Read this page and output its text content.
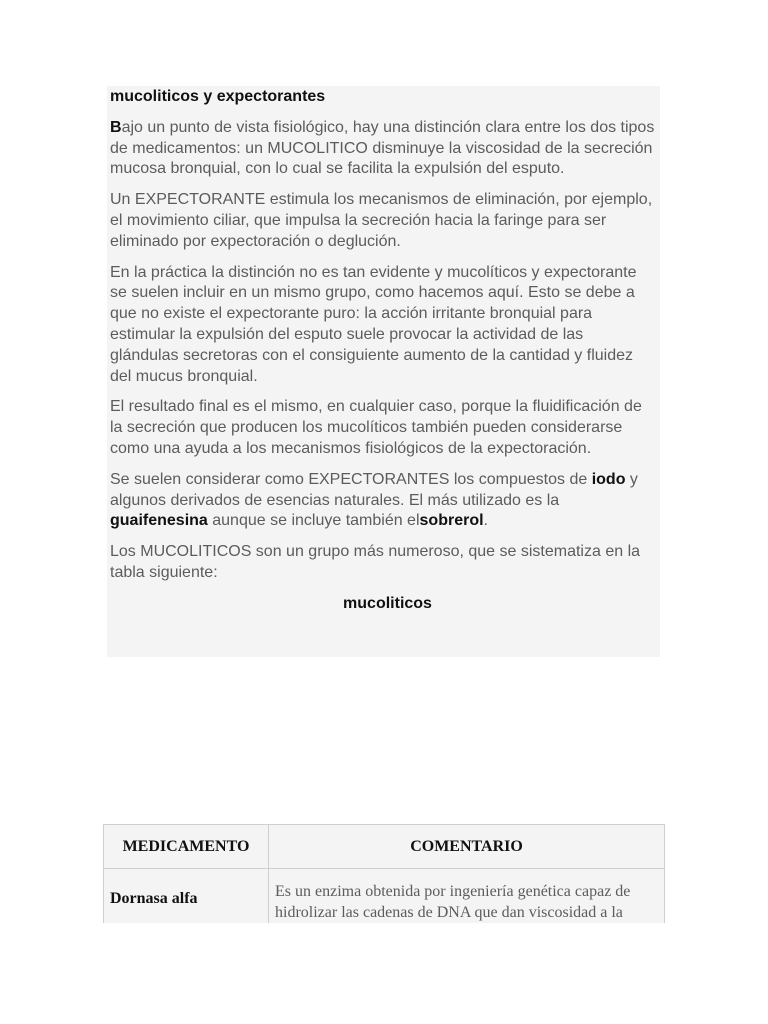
mucoliticos y expectorantes

Bajo un punto de vista fisiológico, hay una distinción clara entre los dos tipos de medicamentos: un MUCOLITICO disminuye la viscosidad de la secreción mucosa bronquial, con lo cual se facilita la expulsión del esputo.

Un EXPECTORANTE estimula los mecanismos de eliminación, por ejemplo, el movimiento ciliar, que impulsa la secreción hacia la faringe para ser eliminado por expectoración o deglución.

En la práctica la distinción no es tan evidente y mucolíticos y expectorante se suelen incluir en un mismo grupo, como hacemos aquí. Esto se debe a que no existe el expectorante puro: la acción irritante bronquial para estimular la expulsión del esputo suele provocar la actividad de las glándulas secretoras con el consiguiente aumento de la cantidad y fluidez del mucus bronquial.

El resultado final es el mismo, en cualquier caso, porque la fluidificación de la secreción que producen los mucolíticos también pueden considerarse como una ayuda a los mecanismos fisiológicos de la expectoración.

Se suelen considerar como EXPECTORANTES los compuestos de iodo y algunos derivados de esencias naturales. El más utilizado es la guaifenesina aunque se incluye también elsobrerol.

Los MUCOLITICOS son un grupo más numeroso, que se sistematiza en la tabla siguiente:

mucoliticos

MEDICAMENTO	COMENTARIO
Dornasa alfa	Es un enzima obtenida por ingeniería genética capaz de hidrolizar las cadenas de DNA que dan viscosidad a la
